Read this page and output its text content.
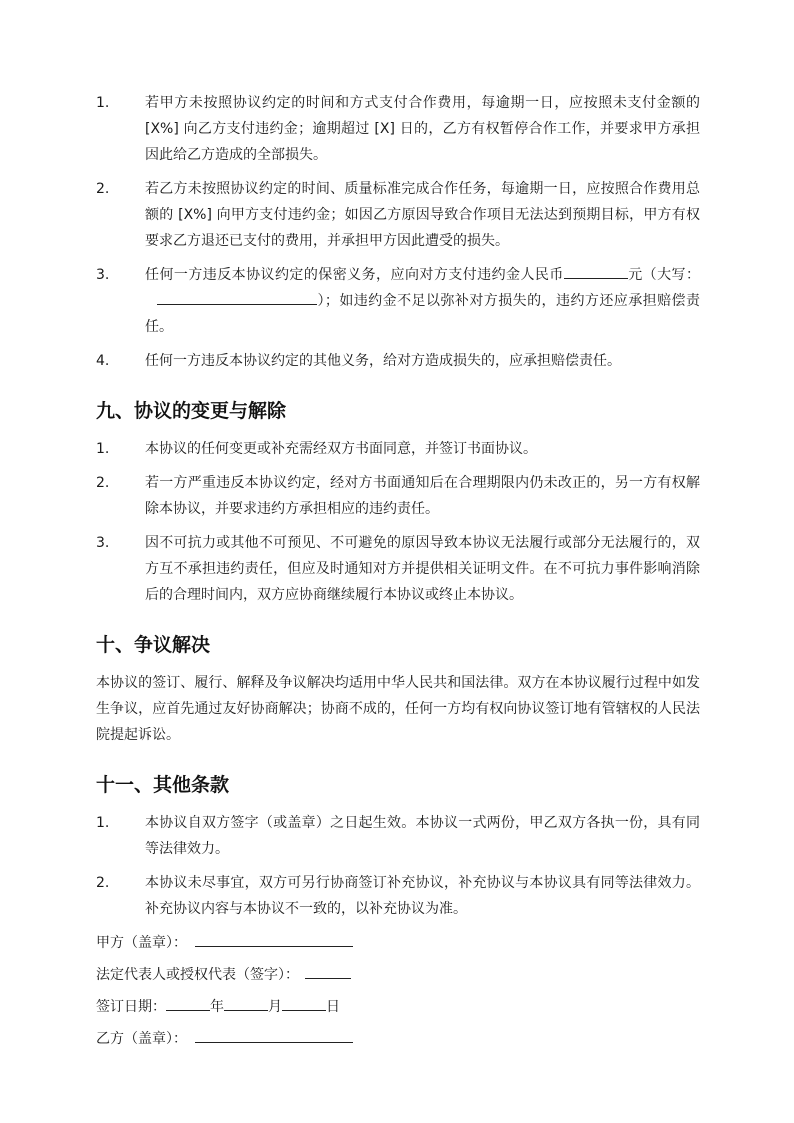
1.	若甲方未按照协议约定的时间和方式支付合作费用，每逾期一日，应按照未支付金额的 [X%] 向乙方支付违约金；逾期超过 [X] 日的，乙方有权暂停合作工作，并要求甲方承担因此给乙方造成的全部损失。
2.	若乙方未按照协议约定的时间、质量标准完成合作任务，每逾期一日，应按照合作费用总额的 [X%] 向甲方支付违约金；如因乙方原因导致合作项目无法达到预期目标，甲方有权要求乙方退还已支付的费用，并承担甲方因此遭受的损失。
3.	任何一方违反本协议约定的保密义务，应向对方支付违约金人民币	元（大写：）；如违约金不足以弥补对方损失的，违约方还应承担赔偿责任。
4.	任何一方违反本协议约定的其他义务，给对方造成损失的，应承担赔偿责任。
九、协议的变更与解除
1.	本协议的任何变更或补充需经双方书面同意，并签订书面协议。
2.	若一方严重违反本协议约定，经对方书面通知后在合理期限内仍未改正的，另一方有权解除本协议，并要求违约方承担相应的违约责任。
3.	因不可抗力或其他不可预见、不可避免的原因导致本协议无法履行或部分无法履行的，双方互不承担违约责任，但应及时通知对方并提供相关证明文件。在不可抗力事件影响消除后的合理时间内，双方应协商继续履行本协议或终止本协议。
十、争议解决

本协议的签订、履行、解释及争议解决均适用中华人民共和国法律。双方在本协议履行过程中如发生争议，应首先通过友好协商解决；协商不成的，任何一方均有权向协议签订地有管辖权的人民法院提起诉讼。

十一、其他条款
1.	本协议自双方签字（或盖章）之日起生效。本协议一式两份，甲乙双方各执一份，具有同等法律效力。
2.	本协议未尽事宜，双方可另行协商签订补充协议，补充协议与本协议具有同等法律效力。补充协议内容与本协议不一致的，以补充协议为准。
甲方（盖章）：
法定代表人或授权代表（签字）：
签订日期：	年	月	日
乙方（盖章）：
